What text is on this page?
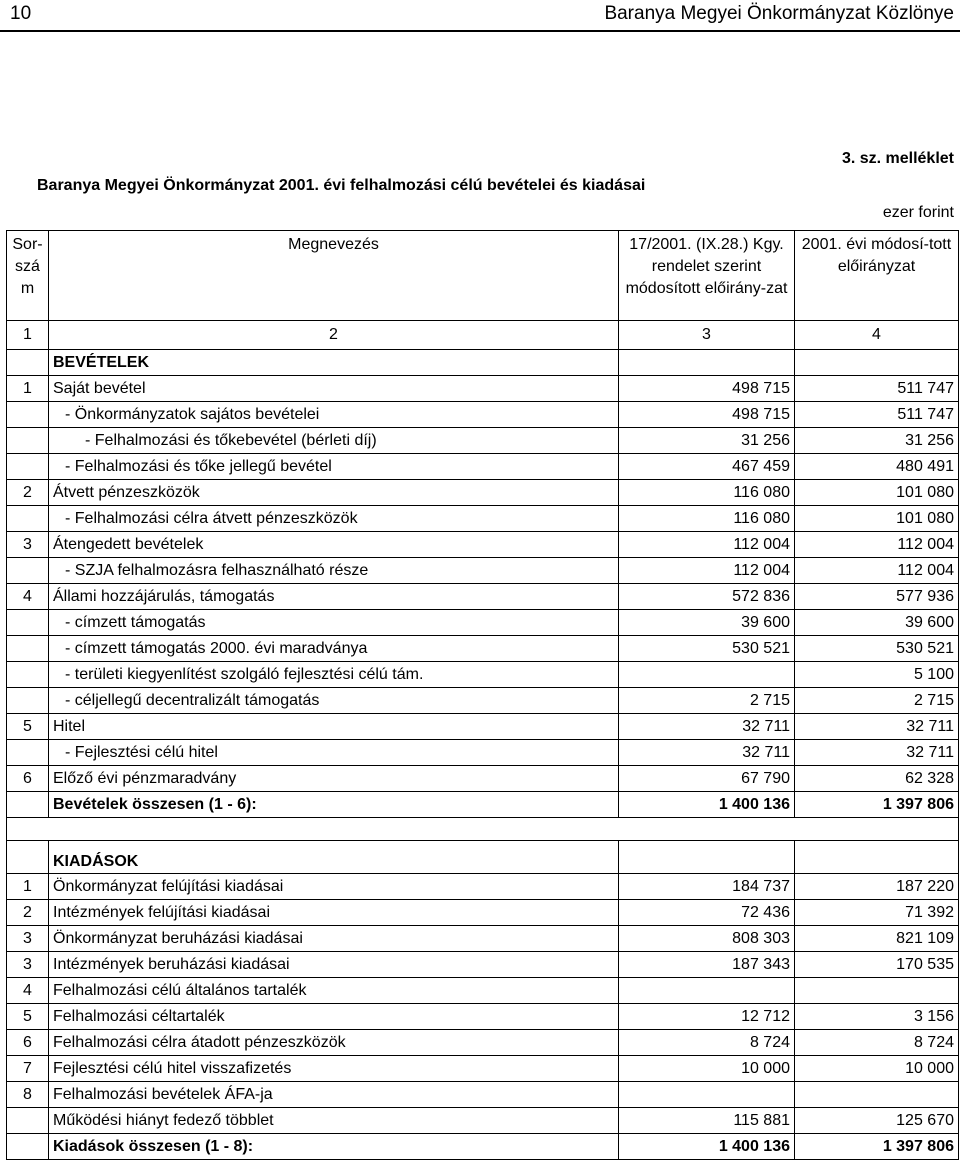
10	Baranya Megyei Önkormányzat Közlönye
3. sz. melléklet
Baranya Megyei Önkormányzat 2001. évi felhalmozási célú bevételei és kiadásai
ezer forint
Sor-szá m	Megnevezés	17/2001. (IX.28.) Kgy. rendelet szerint módosított előirány-zat	2001. évi módosí-tott előirányzat
1	2	3	4
	BEVÉTELEK		
1	Saját bevétel	498 715	511 747
	- Önkormányzatok sajátos bevételei	498 715	511 747
	- Felhalmozási és tőkebevétel (bérleti díj)	31 256	31 256
	- Felhalmozási és tőke jellegű bevétel	467 459	480 491
2	Átvett pénzeszközök	116 080	101 080
	- Felhalmozási célra átvett pénzeszközök	116 080	101 080
3	Átengedett bevételek	112 004	112 004
	- SZJA felhalmozásra felhasználható része	112 004	112 004
4	Állami hozzájárulás, támogatás	572 836	577 936
	- címzett támogatás	39 600	39 600
	- címzett támogatás 2000. évi maradványa	530 521	530 521
	- területi kiegyenlítést szolgáló fejlesztési célú tám.		5 100
	- céljellegű decentralizált támogatás	2 715	2 715
5	Hitel	32 711	32 711
	- Fejlesztési célú hitel	32 711	32 711
6	Előző évi pénzmaradvány	67 790	62 328
	Bevételek összesen (1 - 6):	1 400 136	1 397 806

	KIADÁSOK		
1	Önkormányzat felújítási kiadásai	184 737	187 220
2	Intézmények felújítási kiadásai	72 436	71 392
3	Önkormányzat beruházási kiadásai	808 303	821 109
3	Intézmények beruházási kiadásai	187 343	170 535
4	Felhalmozási célú általános tartalék		
5	Felhalmozási céltartalék	12 712	3 156
6	Felhalmozási célra átadott pénzeszközök	8 724	8 724
7	Fejlesztési célú hitel visszafizetés	10 000	10 000
8	Felhalmozási bevételek ÁFA-ja		
	Működési hiányt fedező többlet	115 881	125 670
	Kiadások összesen (1 - 8):	1 400 136	1 397 806
